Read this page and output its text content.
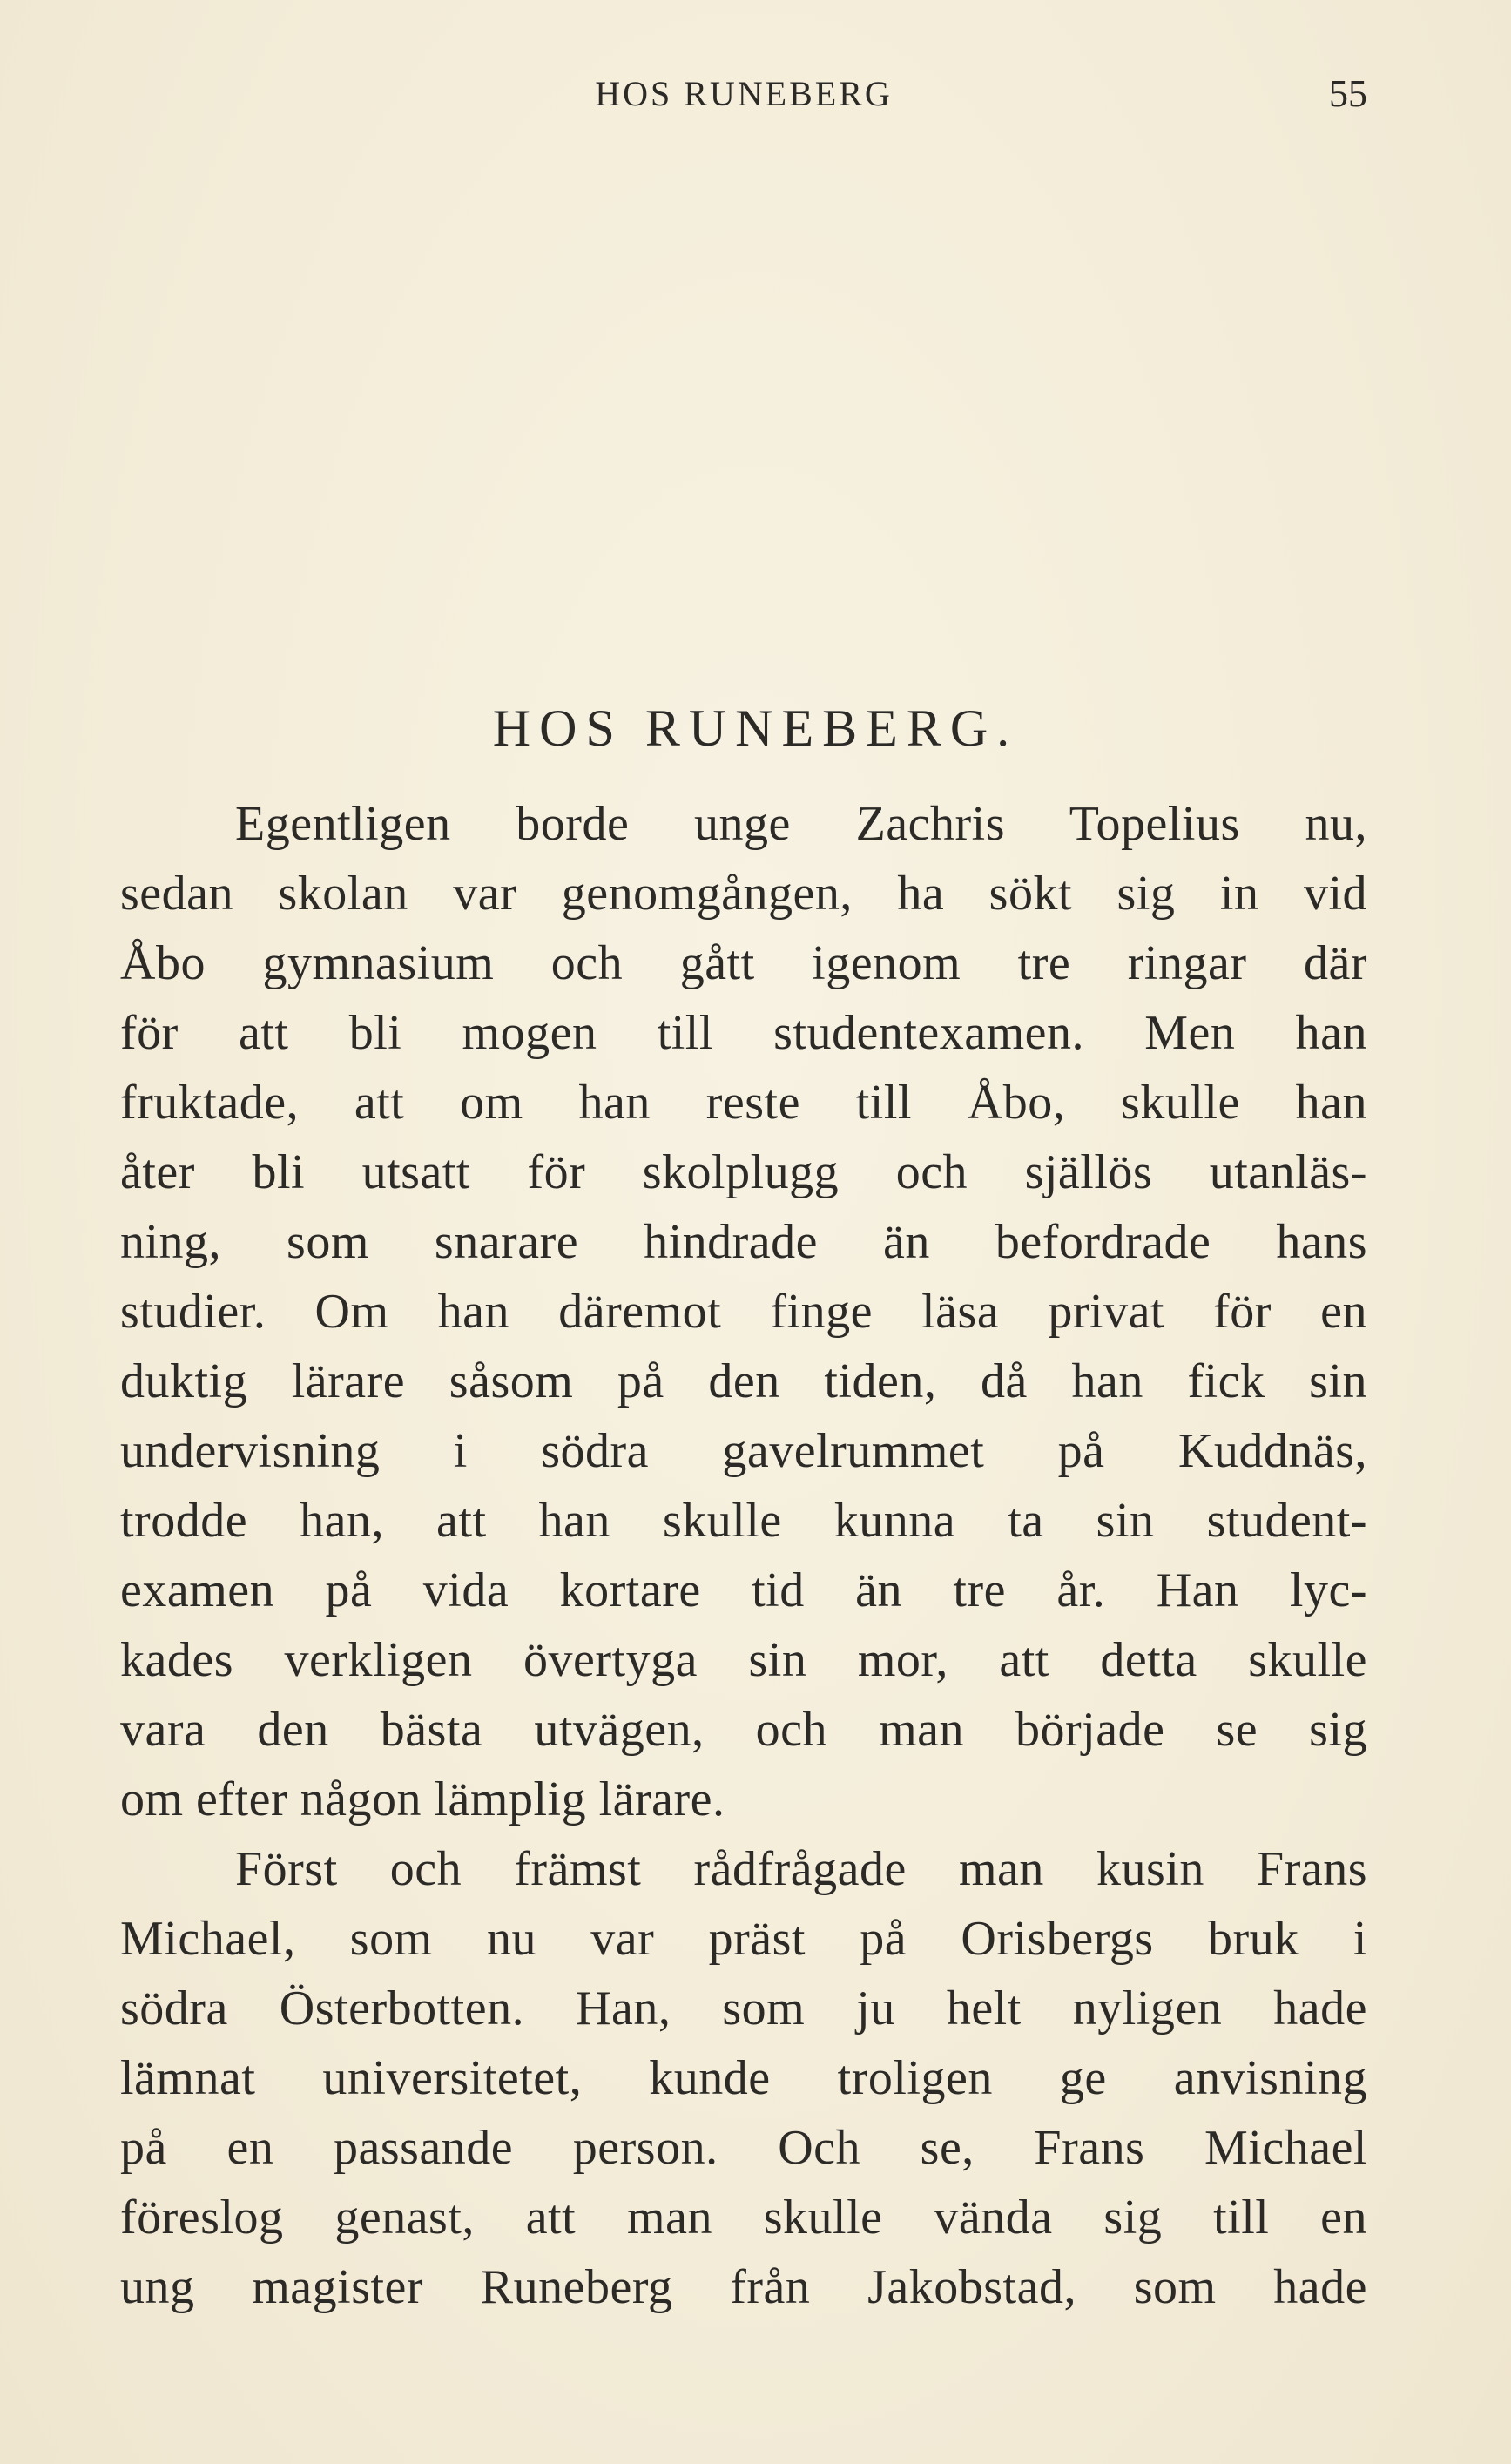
HOS RUNEBERG	55
HOS RUNEBERG.
Egentligen borde unge Zachris Topelius nu,
sedan skolan var genomgången, ha sökt sig in vid
Åbo gymnasium och gått igenom tre ringar där
för att bli mogen till studentexamen. Men han
fruktade, att om han reste till Åbo, skulle han
åter bli utsatt för skolplugg och själlös utanläs-
ning, som snarare hindrade än befordrade hans
studier. Om han däremot finge läsa privat för en
duktig lärare såsom på den tiden, då han fick sin
undervisning i södra gavelrummet på Kuddnäs,
trodde han, att han skulle kunna ta sin student-
examen på vida kortare tid än tre år. Han lyc-
kades verkligen övertyga sin mor, att detta skulle
vara den bästa utvägen, och man började se sig
om efter någon lämplig lärare.
Först och främst rådfrågade man kusin Frans
Michael, som nu var präst på Orisbergs bruk i
södra Österbotten. Han, som ju helt nyligen hade
lämnat universitetet, kunde troligen ge anvisning
på en passande person. Och se, Frans Michael
föreslog genast, att man skulle vända sig till en
ung magister Runeberg från Jakobstad, som hade
